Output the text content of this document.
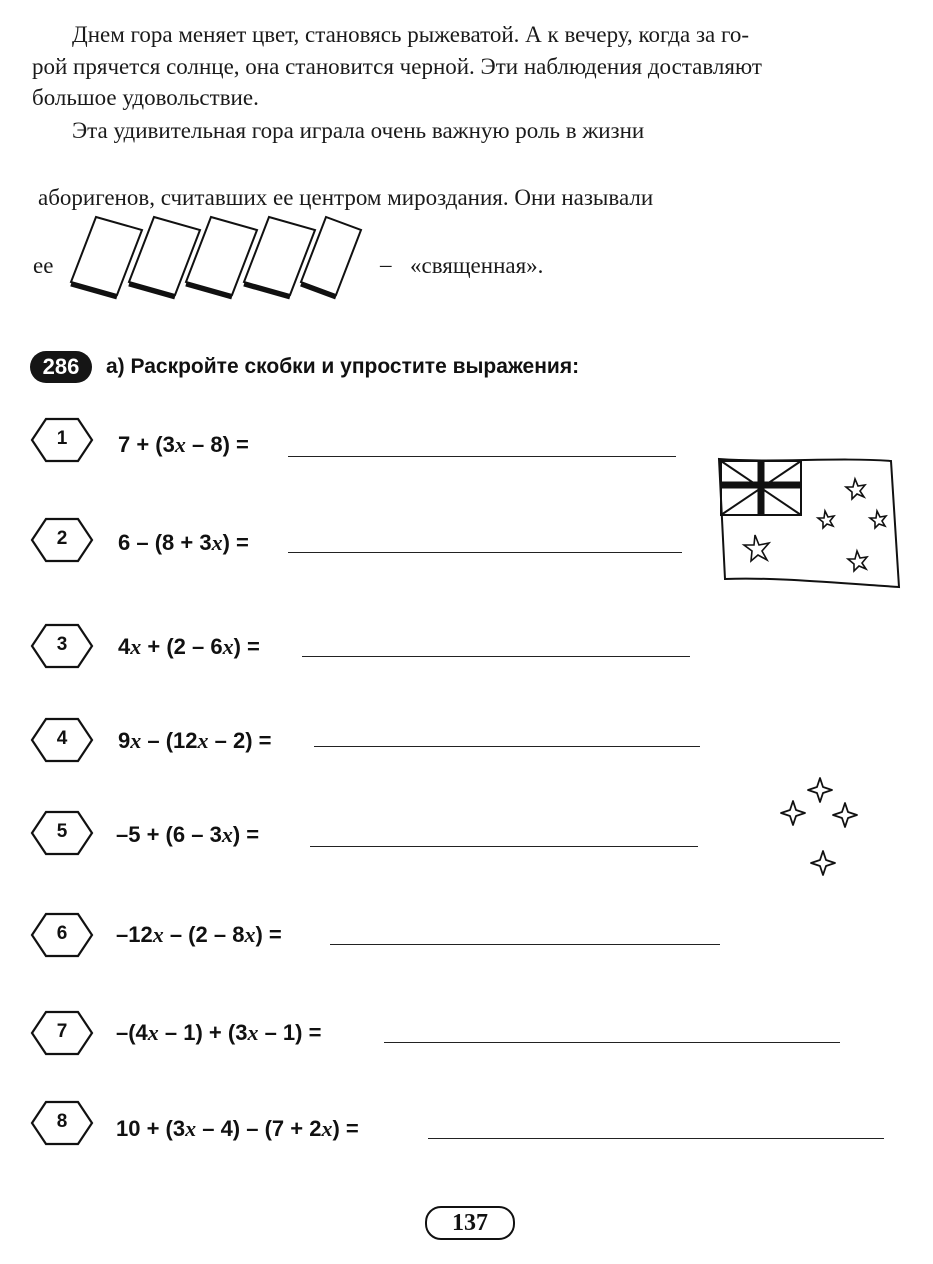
Днем гора меняет цвет, становясь рыжеватой. А к вечеру, когда за го-
рой прячется солнце, она становится черной. Эти наблюдения доставляют
большое удовольствие.
Эта удивительная гора играла очень важную роль в жизни
аборигенов, считавших ее центром мироздания. Они называли
ее	– «священная».
286	а) Раскройте скобки и упростите выражения:
1	7 + (3x – 8) =
2	6 – (8 + 3x) =
3	4x + (2 – 6x) =
4	9x – (12x – 2) =
5	–5 + (6 – 3x) =
6	–12x – (2 – 8x) =
7	–(4x – 1) + (3x – 1) =
8	10 + (3x – 4) – (7 + 2x) =
137
